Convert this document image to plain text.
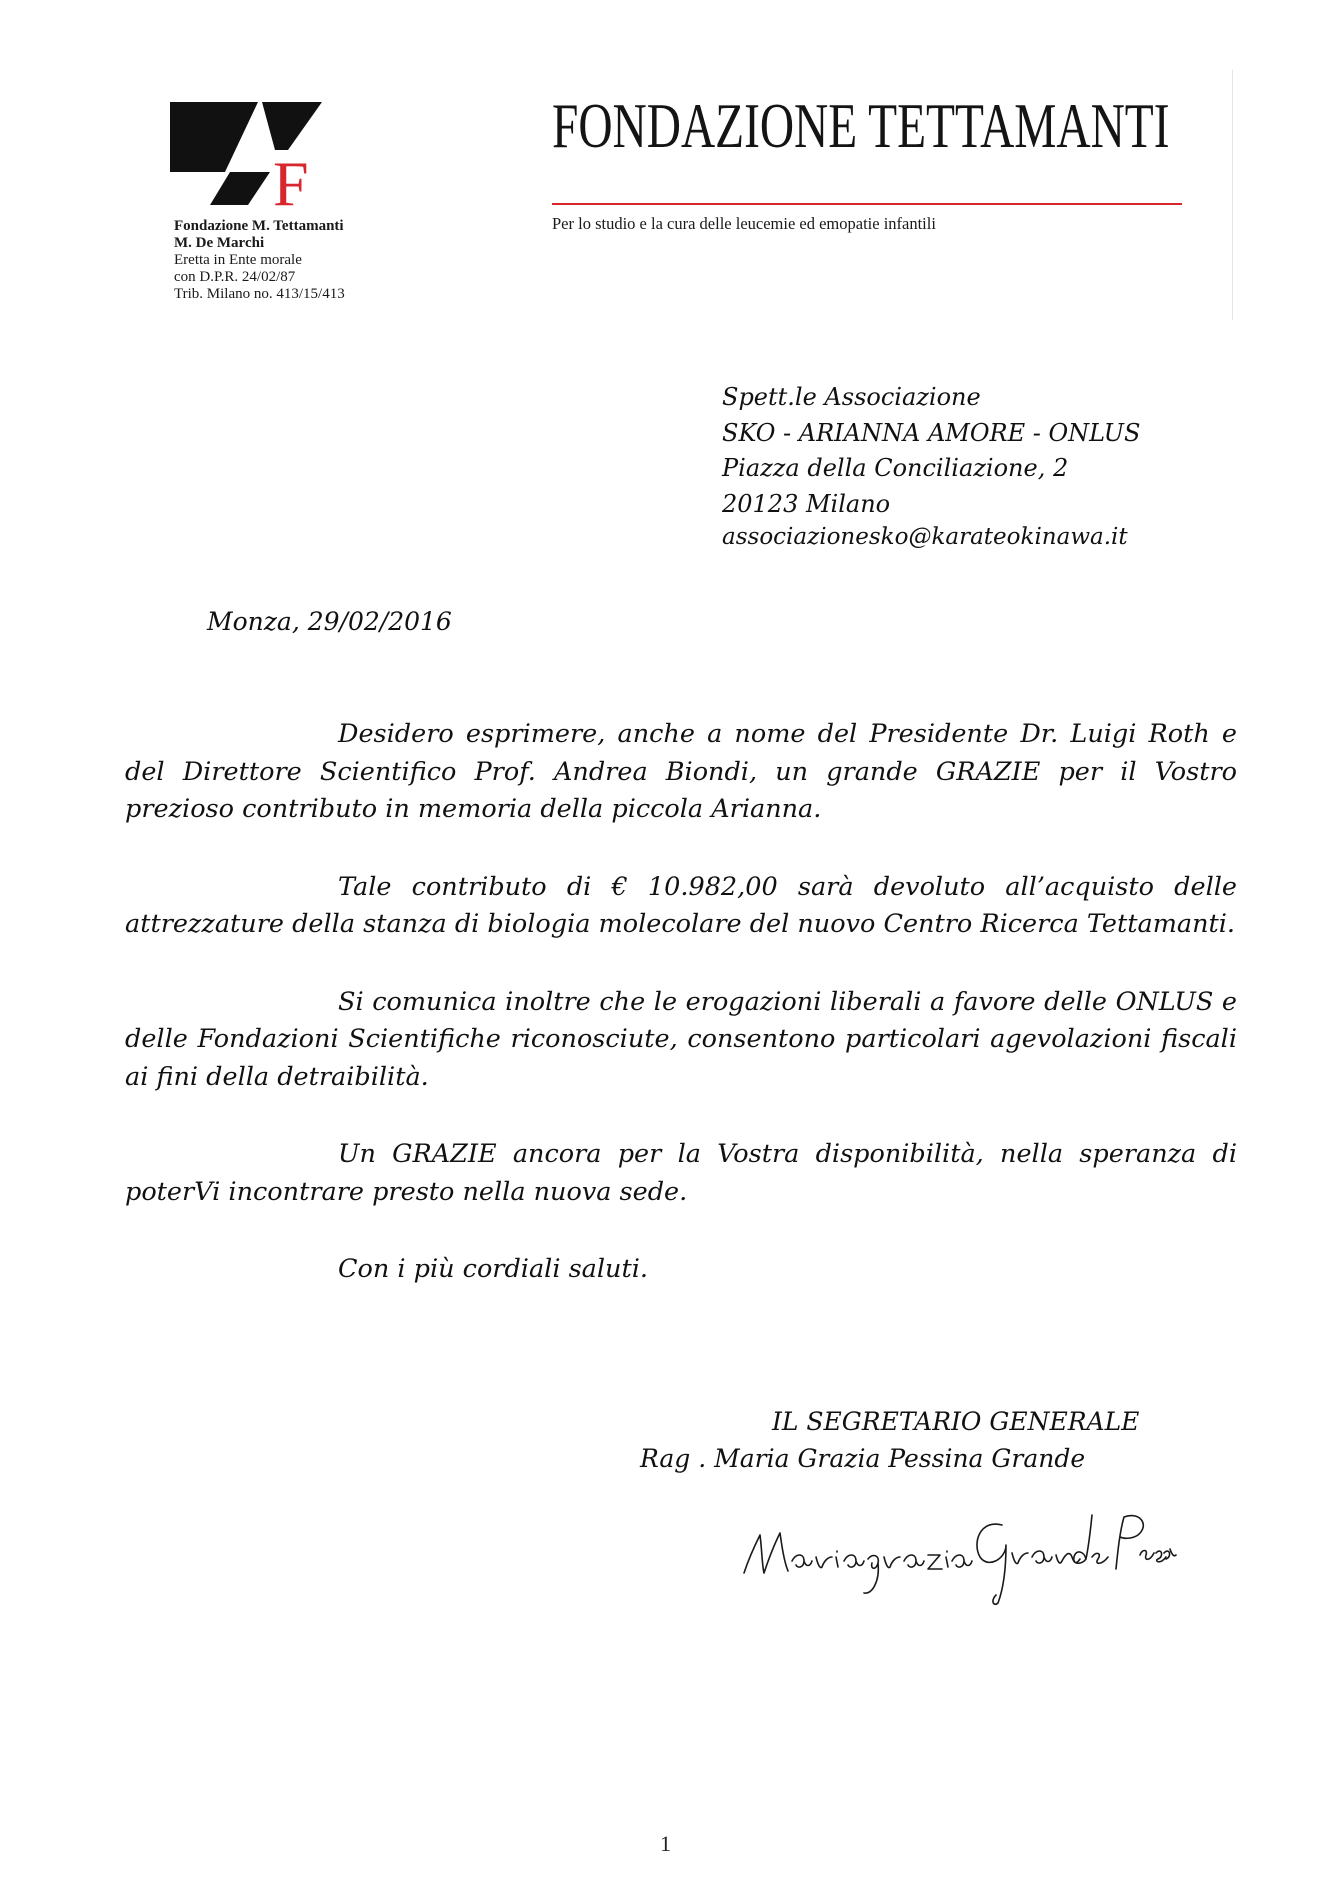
F
Fondazione M. Tettamanti
M. De Marchi
Eretta in Ente morale
con D.P.R. 24/02/87
Trib. Milano no. 413/15/413
FONDAZIONE TETTAMANTI
Per lo studio e la cura delle leucemie ed emopatie infantili
Spett.le Associazione
SKO - ARIANNA AMORE - ONLUS
Piazza della Conciliazione, 2
20123 Milano
associazionesko@karateokinawa.it
Monza, 29/02/2016

Desidero esprimere, anche a nome del Presidente Dr. Luigi Roth e del Direttore Scientifico Prof. Andrea Biondi, un grande GRAZIE per il Vostro prezioso contributo in memoria della piccola Arianna.

Tale contributo di € 10.982,00 sarà devoluto all’acquisto delle attrezzature della stanza di biologia molecolare del nuovo Centro Ricerca Tettamanti.

Si comunica inoltre che le erogazioni liberali a favore delle ONLUS e delle Fondazioni Scientifiche riconosciute, consentono particolari agevolazioni fiscali ai fini della detraibilità.

Un GRAZIE ancora per la Vostra disponibilità, nella speranza di poterVi incontrare presto nella nuova sede.

Con i più cordiali saluti.

IL SEGRETARIO GENERALE
Rag . Maria Grazia Pessina Grande
1
